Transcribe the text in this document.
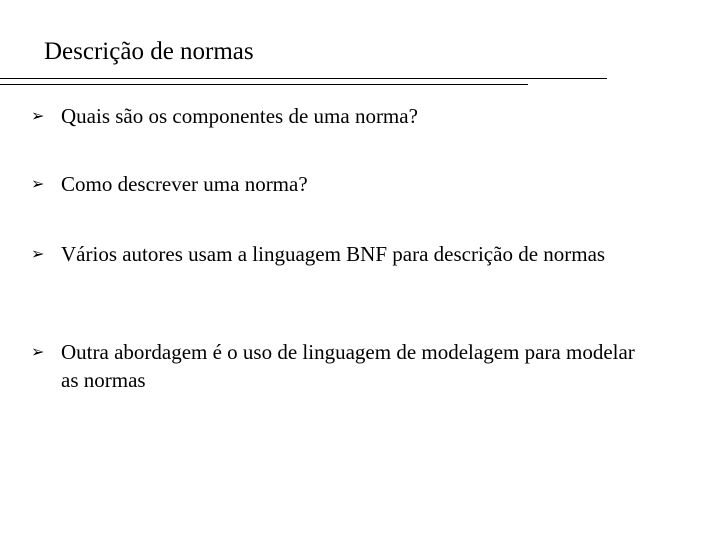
Descrição de normas
➢ Quais são os componentes de uma norma?
➢ Como descrever uma norma?
➢ Vários autores usam a linguagem BNF para descrição de normas
➢ Outra abordagem é o uso de linguagem de modelagem para modelar as normas
